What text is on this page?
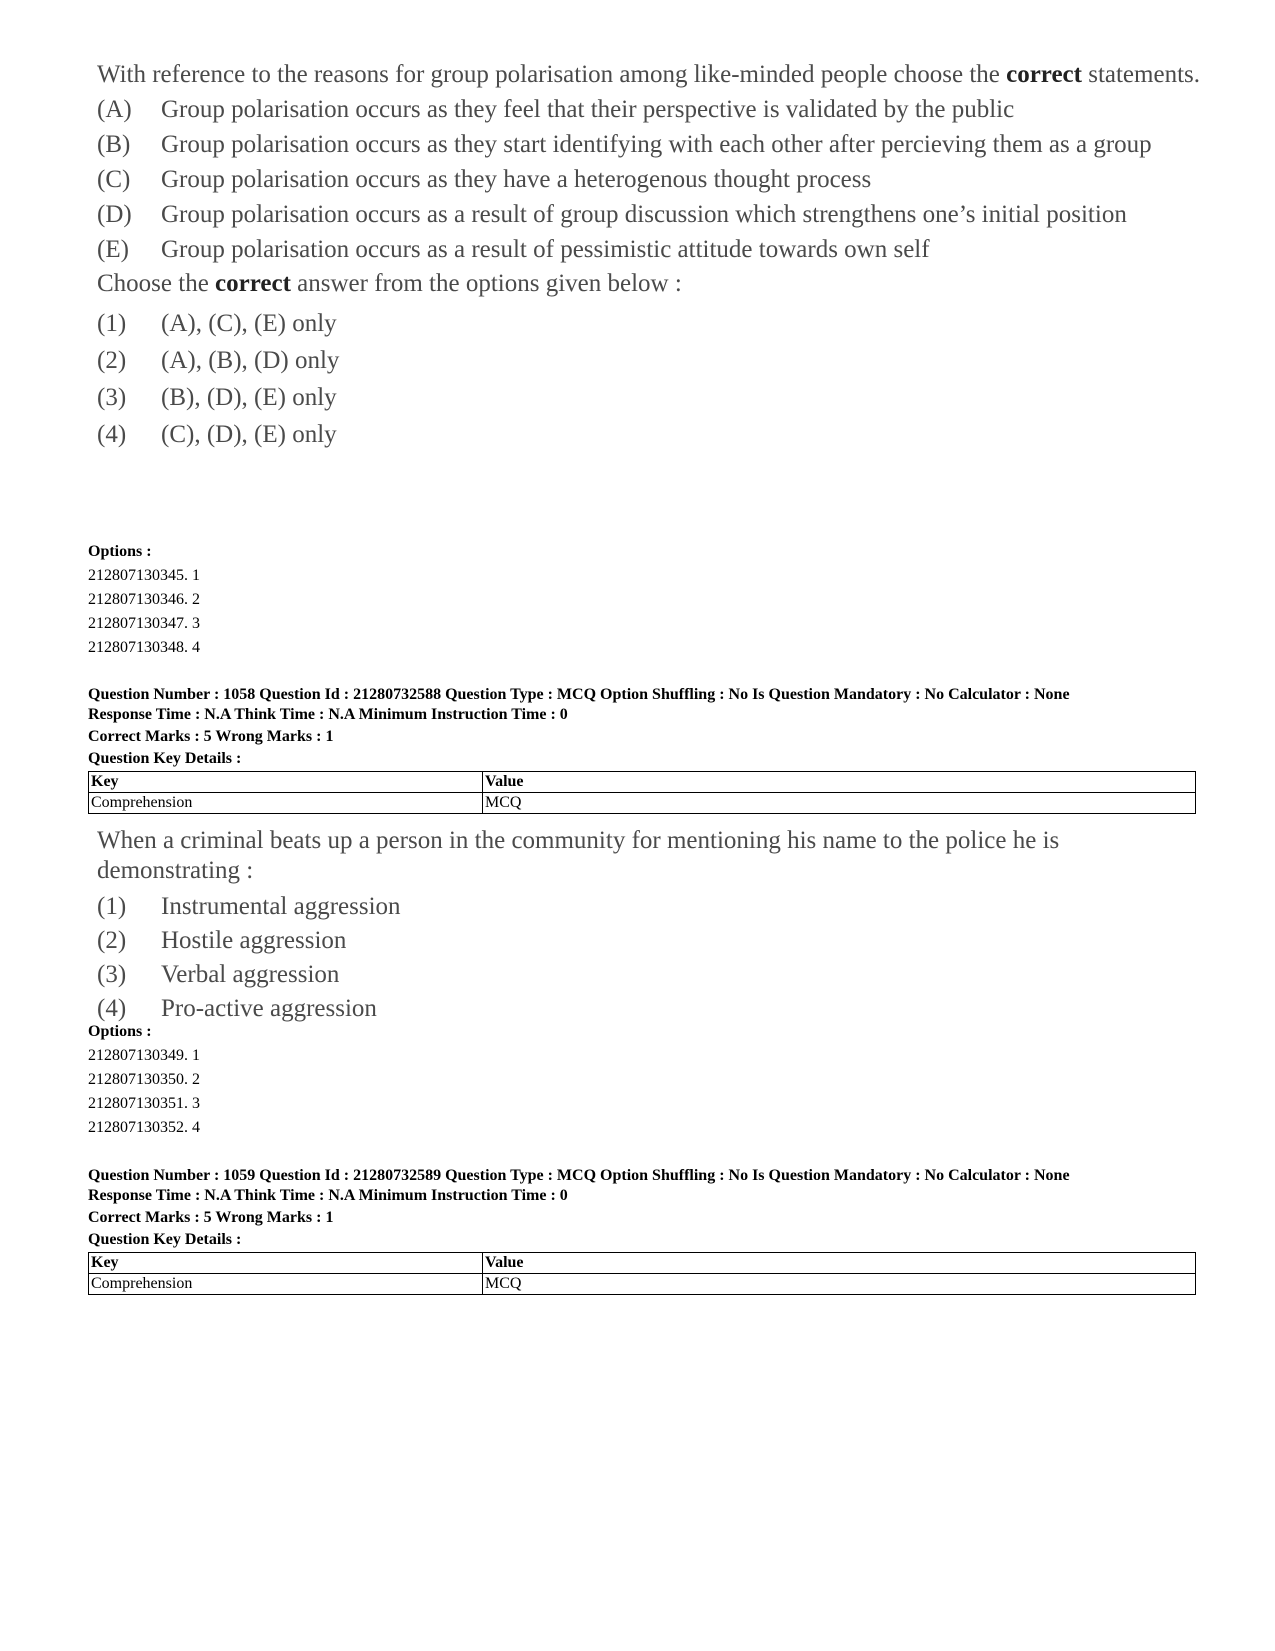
With reference to the reasons for group polarisation among like-minded people choose the correct statements.

(A)	Group polarisation occurs as they feel that their perspective is validated by the public
(B)	Group polarisation occurs as they start identifying with each other after percieving them as a group
(C)	Group polarisation occurs as they have a heterogenous thought process
(D)	Group polarisation occurs as a result of group discussion which strengthens one’s initial position
(E)	Group polarisation occurs as a result of pessimistic attitude towards own self

Choose the correct answer from the options given below :

(1)	(A), (C), (E) only
(2)	(A), (B), (D) only
(3)	(B), (D), (E) only
(4)	(C), (D), (E) only
Options :
212807130345. 1
212807130346. 2
212807130347. 3
212807130348. 4
Question Number : 1058 Question Id : 21280732588 Question Type : MCQ Option Shuffling : No Is Question Mandatory : No Calculator : None
Response Time : N.A Think Time : N.A Minimum Instruction Time : 0
Correct Marks : 5 Wrong Marks : 1
Question Key Details :
Key	Value
Comprehension	MCQ

When a criminal beats up a person in the community for mentioning his name to the police he is demonstrating :

(1)	Instrumental aggression
(2)	Hostile aggression
(3)	Verbal aggression
(4)	Pro-active aggression
Options :
212807130349. 1
212807130350. 2
212807130351. 3
212807130352. 4
Question Number : 1059 Question Id : 21280732589 Question Type : MCQ Option Shuffling : No Is Question Mandatory : No Calculator : None
Response Time : N.A Think Time : N.A Minimum Instruction Time : 0
Correct Marks : 5 Wrong Marks : 1
Question Key Details :
Key	Value
Comprehension	MCQ
